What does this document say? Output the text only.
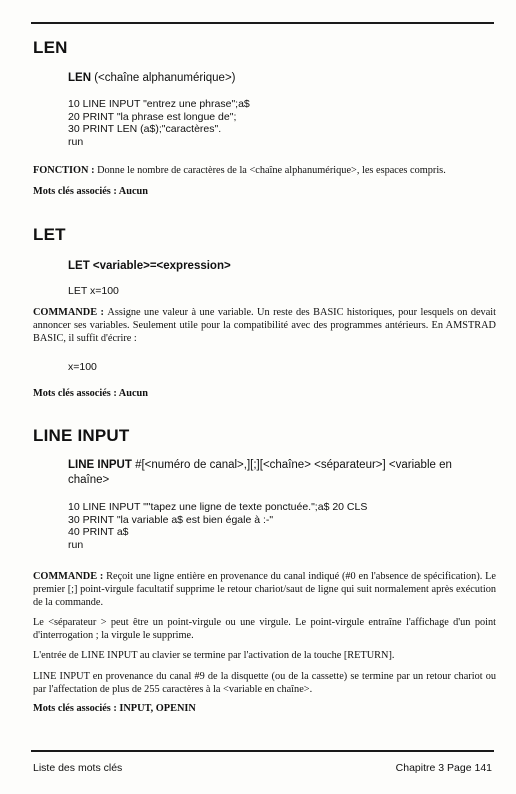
LEN
LEN (<chaîne alphanumérique>)
10 LINE INPUT "entrez une phrase";a$
20 PRINT "la phrase est longue de";
30 PRINT LEN (a$);"caractères".
run
FONCTION : Donne le nombre de caractères de la <chaîne alphanumérique>, les espaces compris.
Mots clés associés : Aucun
LET
LET <variable>=<expression>
LET x=100
COMMANDE : Assigne une valeur à une variable. Un reste des BASIC historiques, pour lesquels on devait annoncer ses variables. Seulement utile pour la compatibilité avec des programmes antérieurs. En AMSTRAD BASIC, il suffit d'écrire :
x=100
Mots clés associés : Aucun
LINE INPUT
LINE INPUT #[<numéro de canal>,][;][<chaîne> <séparateur>] <variable en chaîne>
10 LINE INPUT ""tapez une ligne de texte ponctuée.";a$ 20 CLS
30 PRINT "la variable a$ est bien égale à :-"
40 PRINT a$
run
COMMANDE : Reçoit une ligne entière en provenance du canal indiqué (#0 en l'absence de spécification). Le premier [;] point-virgule facultatif supprime le retour chariot/saut de ligne qui suit normalement après exécution de la commande.
Le <séparateur > peut être un point-virgule ou une virgule. Le point-virgule entraîne l'affichage d'un point d'interrogation ; la virgule le supprime.
L'entrée de LINE INPUT au clavier se termine par l'activation de la touche [RETURN].
LINE INPUT en provenance du canal #9 de la disquette (ou de la cassette) se termine par un retour chariot ou par l'affectation de plus de 255 caractères à la <variable en chaîne>.
Mots clés associés : INPUT, OPENIN
Liste des mots clés	Chapitre 3 Page 141
